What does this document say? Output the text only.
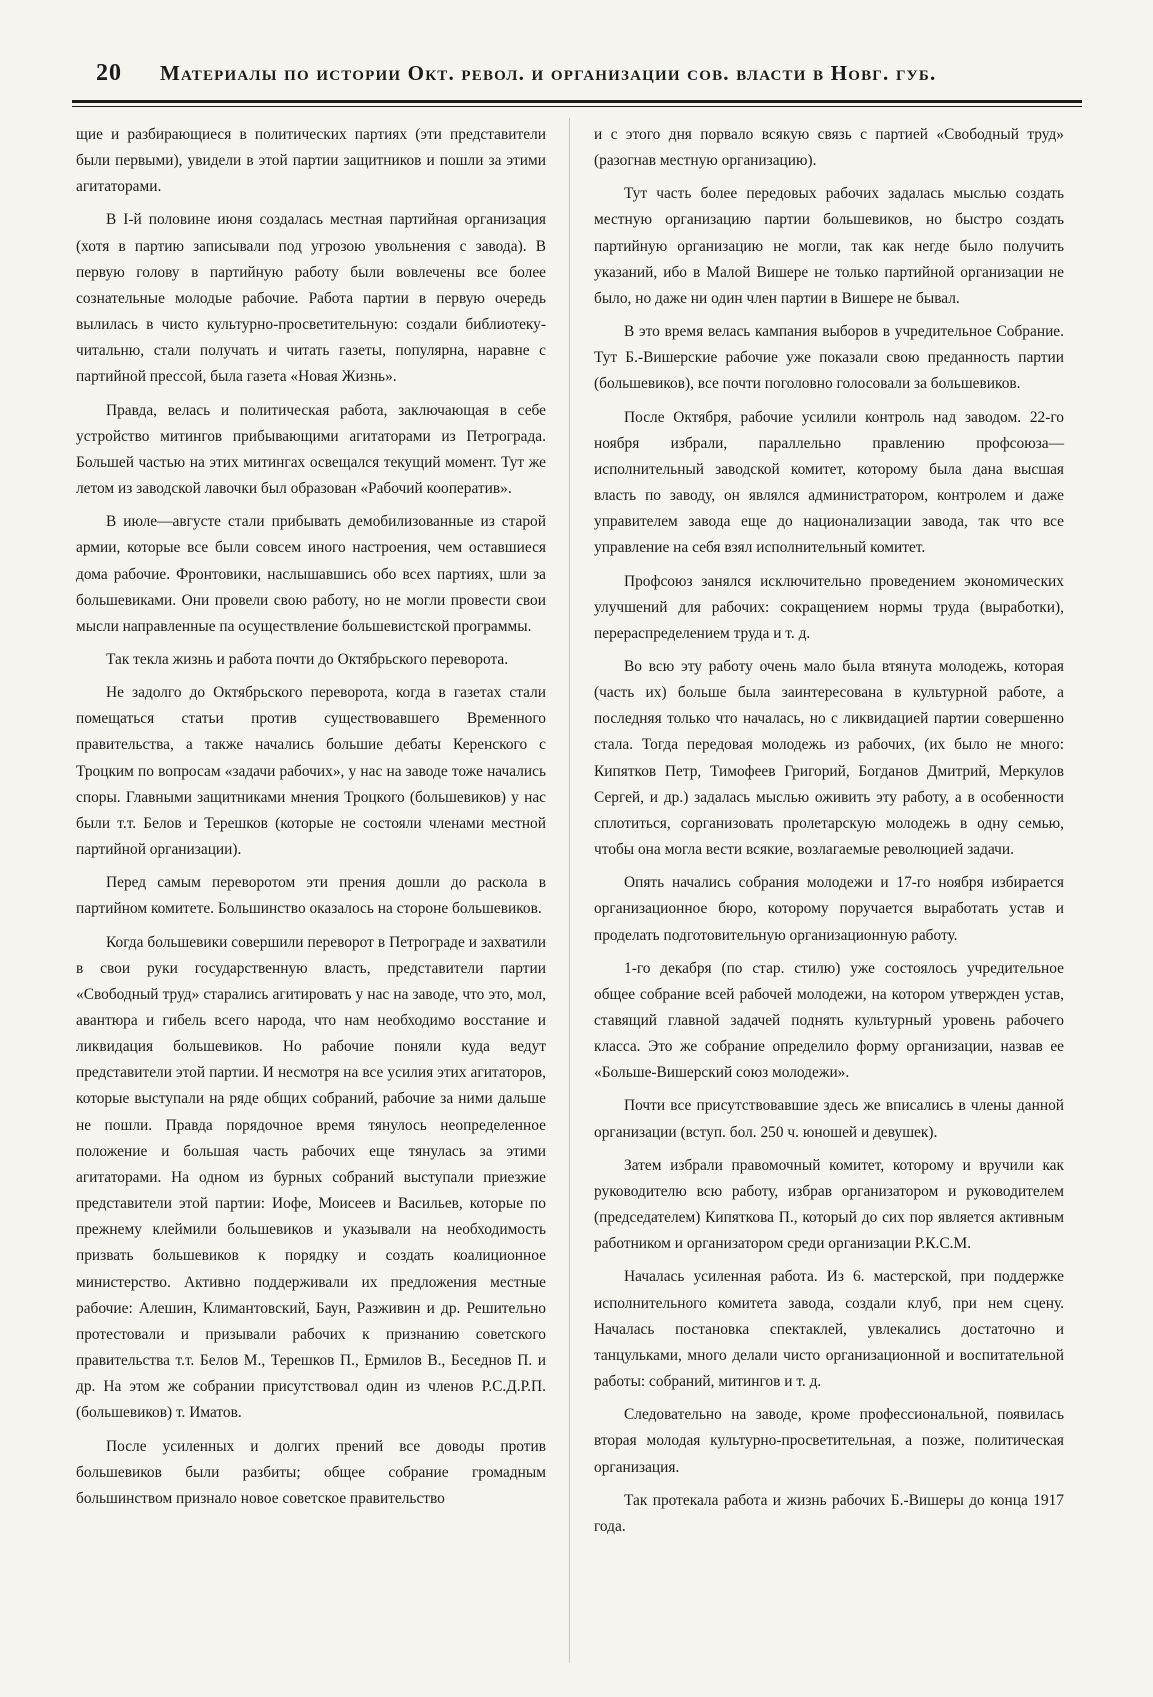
20 Материалы по истории Окт. револ. и организации сов. власти в Новг. губ.

щие и разбирающиеся в политических партиях (эти представители были первыми), увидели в этой партии защитников и пошли за этими агитаторами.

В I-й половине июня создалась местная партийная организация (хотя в партию записывали под угрозою увольнения с завода). В первую голову в партийную работу были вовлечены все более сознательные молодые рабочие. Работа партии в первую очередь вылилась в чисто культурно-просветительную: создали библиотеку-читальню, стали получать и читать газеты, популярна, наравне с партийной прессой, была газета «Новая Жизнь».

Правда, велась и политическая работа, заключающая в себе устройство митингов прибывающими агитаторами из Петрограда. Большей частью на этих митингах освещался текущий момент. Тут же летом из заводской лавочки был образован «Рабочий кооператив».

В июле—августе стали прибывать демобилизованные из старой армии, которые все были совсем иного настроения, чем оставшиеся дома рабочие. Фронтовики, наслышавшись обо всех партиях, шли за большевиками. Они провели свою работу, но не могли провести свои мысли направленные па осуществление большевистской программы.

Так текла жизнь и работа почти до Октябрьского переворота.

Не задолго до Октябрьского переворота, когда в газетах стали помещаться статьи против существовавшего Временного правительства, а также начались большие дебаты Керенского с Троцким по вопросам «задачи рабочих», у нас на заводе тоже начались споры. Главными защитниками мнения Троцкого (большевиков) у нас были т.т. Белов и Терешков (которые не состояли членами местной партийной организации).

Перед самым переворотом эти прения дошли до раскола в партийном комитете. Большинство оказалось на стороне большевиков.

Когда большевики совершили переворот в Петрограде и захватили в свои руки государственную власть, представители партии «Свободный труд» старались агитировать у нас на заводе, что это, мол, авантюра и гибель всего народа, что нам необходимо восстание и ликвидация большевиков. Но рабочие поняли куда ведут представители этой партии. И несмотря на все усилия этих агитаторов, которые выступали на ряде общих собраний, рабочие за ними дальше не пошли. Правда порядочное время тянулось неопределенное положение и большая часть рабочих еще тянулась за этими агитаторами. На одном из бурных собраний выступали приезжие представители этой партии: Иофе, Моисеев и Васильев, которые по прежнему клеймили большевиков и указывали на необходимость призвать большевиков к порядку и создать коалиционное министерство. Активно поддерживали их предложения местные рабочие: Алешин, Климантовский, Баун, Разживин и др. Решительно протестовали и призывали рабочих к признанию советского правительства т.т. Белов М., Терешков П., Ермилов В., Беседнов П. и др. На этом же собрании присутствовал один из членов Р.С.Д.Р.П. (большевиков) т. Иматов.

После усиленных и долгих прений все доводы против большевиков были разбиты; общее собрание громадным большинством признало новое советское правительство

и с этого дня порвало всякую связь с партией «Свободный труд» (разогнав местную организацию).

Тут часть более передовых рабочих задалась мыслью создать местную организацию партии большевиков, но быстро создать партийную организацию не могли, так как негде было получить указаний, ибо в Малой Вишере не только партийной организации не было, но даже ни один член партии в Вишере не бывал.

В это время велась кампания выборов в учредительное Собрание. Тут Б.-Вишерские рабочие уже показали свою преданность партии (большевиков), все почти поголовно голосовали за большевиков.

После Октября, рабочие усилили контроль над заводом. 22-го ноября избрали, параллельно правлению профсоюза—исполнительный заводской комитет, которому была дана высшая власть по заводу, он являлся администратором, контролем и даже управителем завода еще до национализации завода, так что все управление на себя взял исполнительный комитет.

Профсоюз занялся исключительно проведением экономических улучшений для рабочих: сокращением нормы труда (выработки), перераспределением труда и т. д.

Во всю эту работу очень мало была втянута молодежь, которая (часть их) больше была заинтересована в культурной работе, а последняя только что началась, но с ликвидацией партии совершенно стала. Тогда передовая молодежь из рабочих, (их было не много: Кипятков Петр, Тимофеев Григорий, Богданов Дмитрий, Меркулов Сергей, и др.) задалась мыслью оживить эту работу, а в особенности сплотиться, сорганизовать пролетарскую молодежь в одну семью, чтобы она могла вести всякие, возлагаемые революцией задачи.

Опять начались собрания молодежи и 17-го ноября избирается организационное бюро, которому поручается выработать устав и проделать подготовительную организационную работу.

1-го декабря (по стар. стилю) уже состоялось учредительное общее собрание всей рабочей молодежи, на котором утвержден устав, ставящий главной задачей поднять культурный уровень рабочего класса. Это же собрание определило форму организации, назвав ее «Больше-Вишерский союз молодежи».

Почти все присутствовавшие здесь же вписались в члены данной организации (вступ. бол. 250 ч. юношей и девушек).

Затем избрали правомочный комитет, которому и вручили как руководителю всю работу, избрав организатором и руководителем (председателем) Кипяткова П., который до сих пор является активным работником и организатором среди организации Р.К.С.М.

Началась усиленная работа. Из 6. мастерской, при поддержке исполнительного комитета завода, создали клуб, при нем сцену. Началась постановка спектаклей, увлекались достаточно и танцульками, много делали чисто организационной и воспитательной работы: собраний, митингов и т. д.

Следовательно на заводе, кроме профессиональной, появилась вторая молодая культурно-просветительная, а позже, политическая организация.

Так протекала работа и жизнь рабочих Б.-Вишеры до конца 1917 года.
